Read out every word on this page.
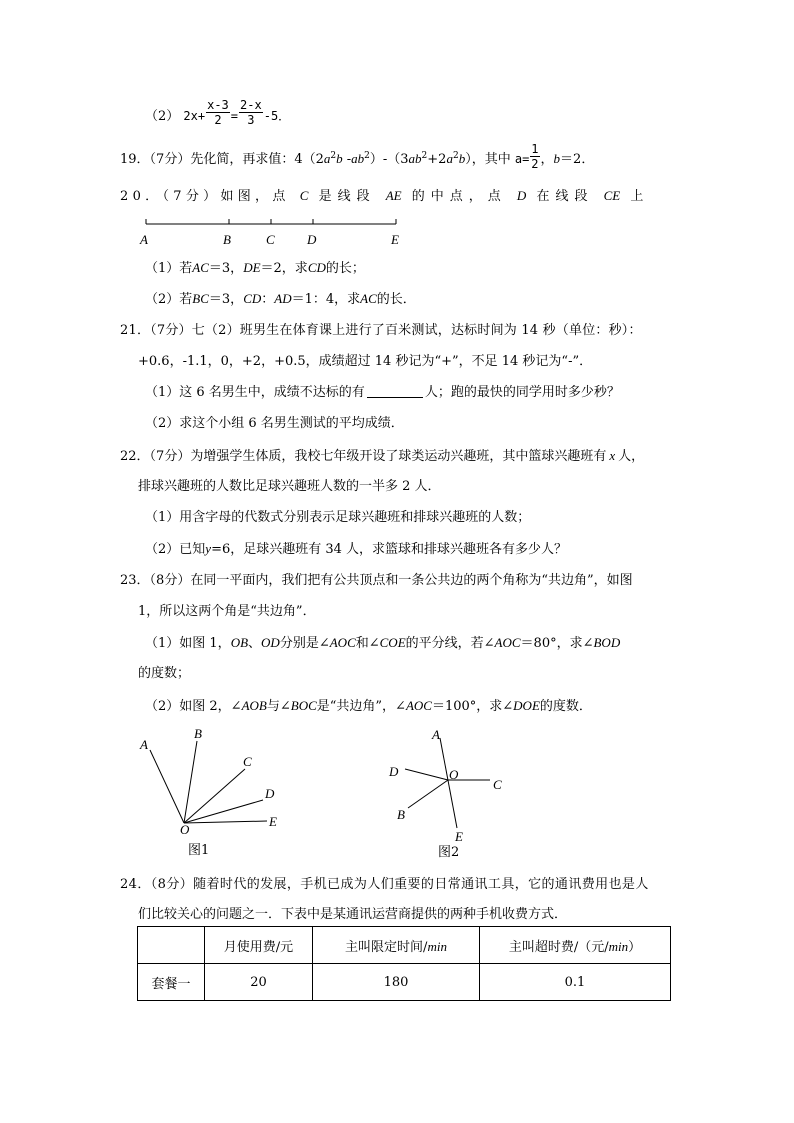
（2） $2x+ \frac{x-3}{2} = \frac{2-x}{3} -5$．
19．（7分）先化简，再求值：$4(2a^2b$ $-ab^2)-(3ab^2+2a^2b)$，其中 $a= \frac{1}{2}$ ，b＝2．
20．（7分）如图，点 C 是线段 AE 的中点，点 D 在线段 CE 上
A	B	C D	E
（1）若AC＝3，DE＝2，求CD的长；
（2）若BC＝3，CD：AD＝1：4，求AC的长．
21．（7分）七（2）班男生在体育课上进行了百米测试，达标时间为 14 秒（单位：秒）：
+0.6，-1.1，0，+2，+0.5，成绩超过 14 秒记为“+”，不足 14 秒记为“-”．
（1）这 6 名男生中，成绩不达标的有	人；跑的最快的同学用时多少秒？
（2）求这个小组 6 名男生测试的平均成绩．
22．（7分）为增强学生体质，我校七年级开设了球类运动兴趣班，其中篮球兴趣班有 x 人，
排球兴趣班的人数比足球兴趣班人数的一半多 2 人．
（1）用含字母的代数式分别表示足球兴趣班和排球兴趣班的人数；
（2）已知y=6，足球兴趣班有 34 人，求篮球和排球兴趣班各有多少人？
23．（8分）在同一平面内，我们把有公共顶点和一条公共边的两个角称为“共边角”，如图
1，所以这两个角是“共边角”．
（1）如图 1，OB、OD分别是∠AOC和∠COE的平分线，若∠AOC＝80°，求∠BOD
的度数；
（2）如图 2，∠AOB与∠BOC是“共边角”，∠AOC＝100°，求∠DOE的度数．
A
B
C
D
O
E
图1
A
D	O
C
B
E
图2
24．（8分）随着时代的发展，手机已成为人们重要的日常通讯工具，它的通讯费用也是人
们比较关心的问题之一．下表中是某通讯运营商提供的两种手机收费方式．
	月使用费/元	主叫限定时间/min	主叫超时费/（元/min）
套餐一	20	180	0.1
